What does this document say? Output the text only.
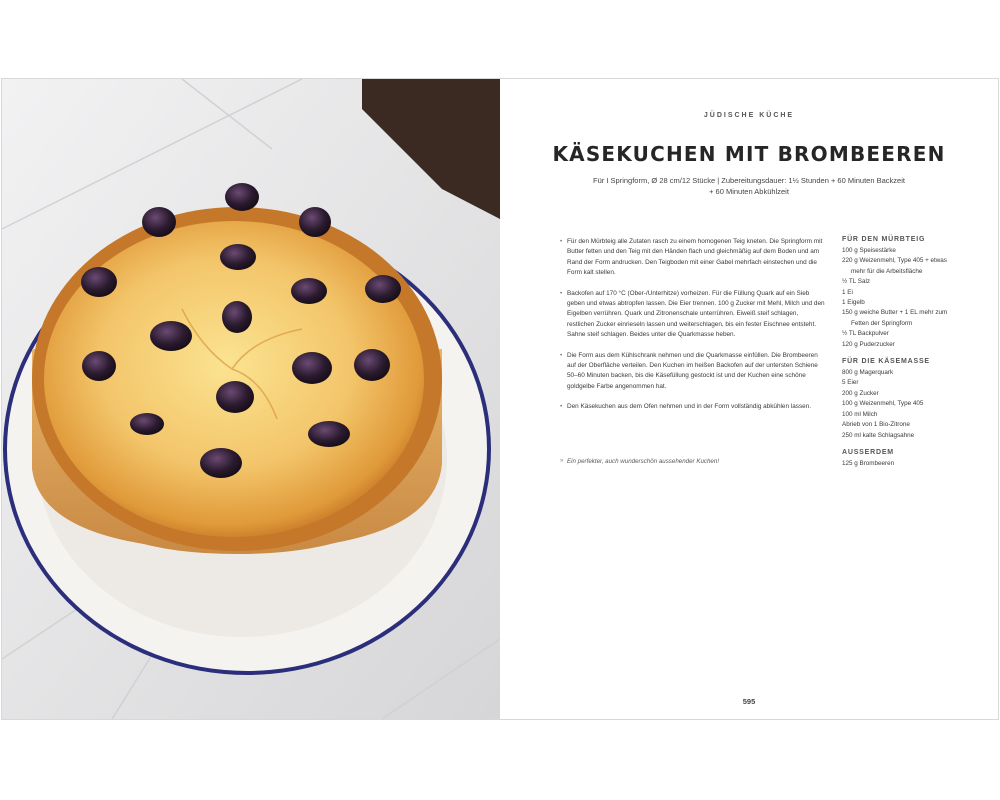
JÜDISCHE KÜCHE
KÄSEKUCHEN MIT BROMBEEREN
Für I Springform, Ø 28 cm/12 Stücke | Zubereitungsdauer: 1½ Stunden + 60 Minuten Backzeit
+ 60 Minuten Abkühlzeit
• Für den Mürbteig alle Zutaten rasch zu einem homogenen Teig kneten. Die Springform mit Butter fetten und den Teig mit den Händen flach und gleichmäßig auf dem Boden und am Rand der Form andrucken. Den Teigboden mit einer Gabel mehrfach einstechen und die Form kalt stellen.
• Backofen auf 170 °C (Ober-/Unterhitze) vorheizen. Für die Füllung Quark auf ein Sieb geben und etwas abtropfen lassen. Die Eier trennen. 100 g Zucker mit Mehl, Milch und den Eigelben verrühren. Quark und Zitronenschale unterrühren. Eiweiß steif schlagen, restlichen Zucker einrieseln lassen und weiterschlagen, bis ein fester Eischnee entsteht. Sahne steif schlagen. Beides unter die Quarkmasse heben.
• Die Form aus dem Kühlschrank nehmen und die Quarkmasse einfüllen. Die Brombeeren auf der Oberfläche verteilen. Den Kuchen im heißen Backofen auf der untersten Schiene 50–60 Minuten backen, bis die Käsefüllung gestockt ist und der Kuchen eine schöne goldgelbe Farbe angenommen hat.
• Den Käsekuchen aus dem Ofen nehmen und in der Form vollständig abkühlen lassen.
» Ein perfekter, auch wunderschön aussehender Kuchen!
FÜR DEN MÜRBTEIG
100 g Speisestärke
220 g Weizenmehl, Type 405 + etwas mehr für die Arbeitsfläche
½ TL Salz
1 Ei
1 Eigelb
150 g weiche Butter + 1 EL mehr zum Fetten der Springform
½ TL Backpulver
120 g Puderzucker
FÜR DIE KÄSEMASSE
800 g Magerquark
5 Eier
200 g Zucker
100 g Weizenmehl, Type 405
100 ml Milch
Abrieb von 1 Bio-Zitrone
250 ml kalte Schlagsahne
AUSSERDEM
125 g Brombeeren
595
